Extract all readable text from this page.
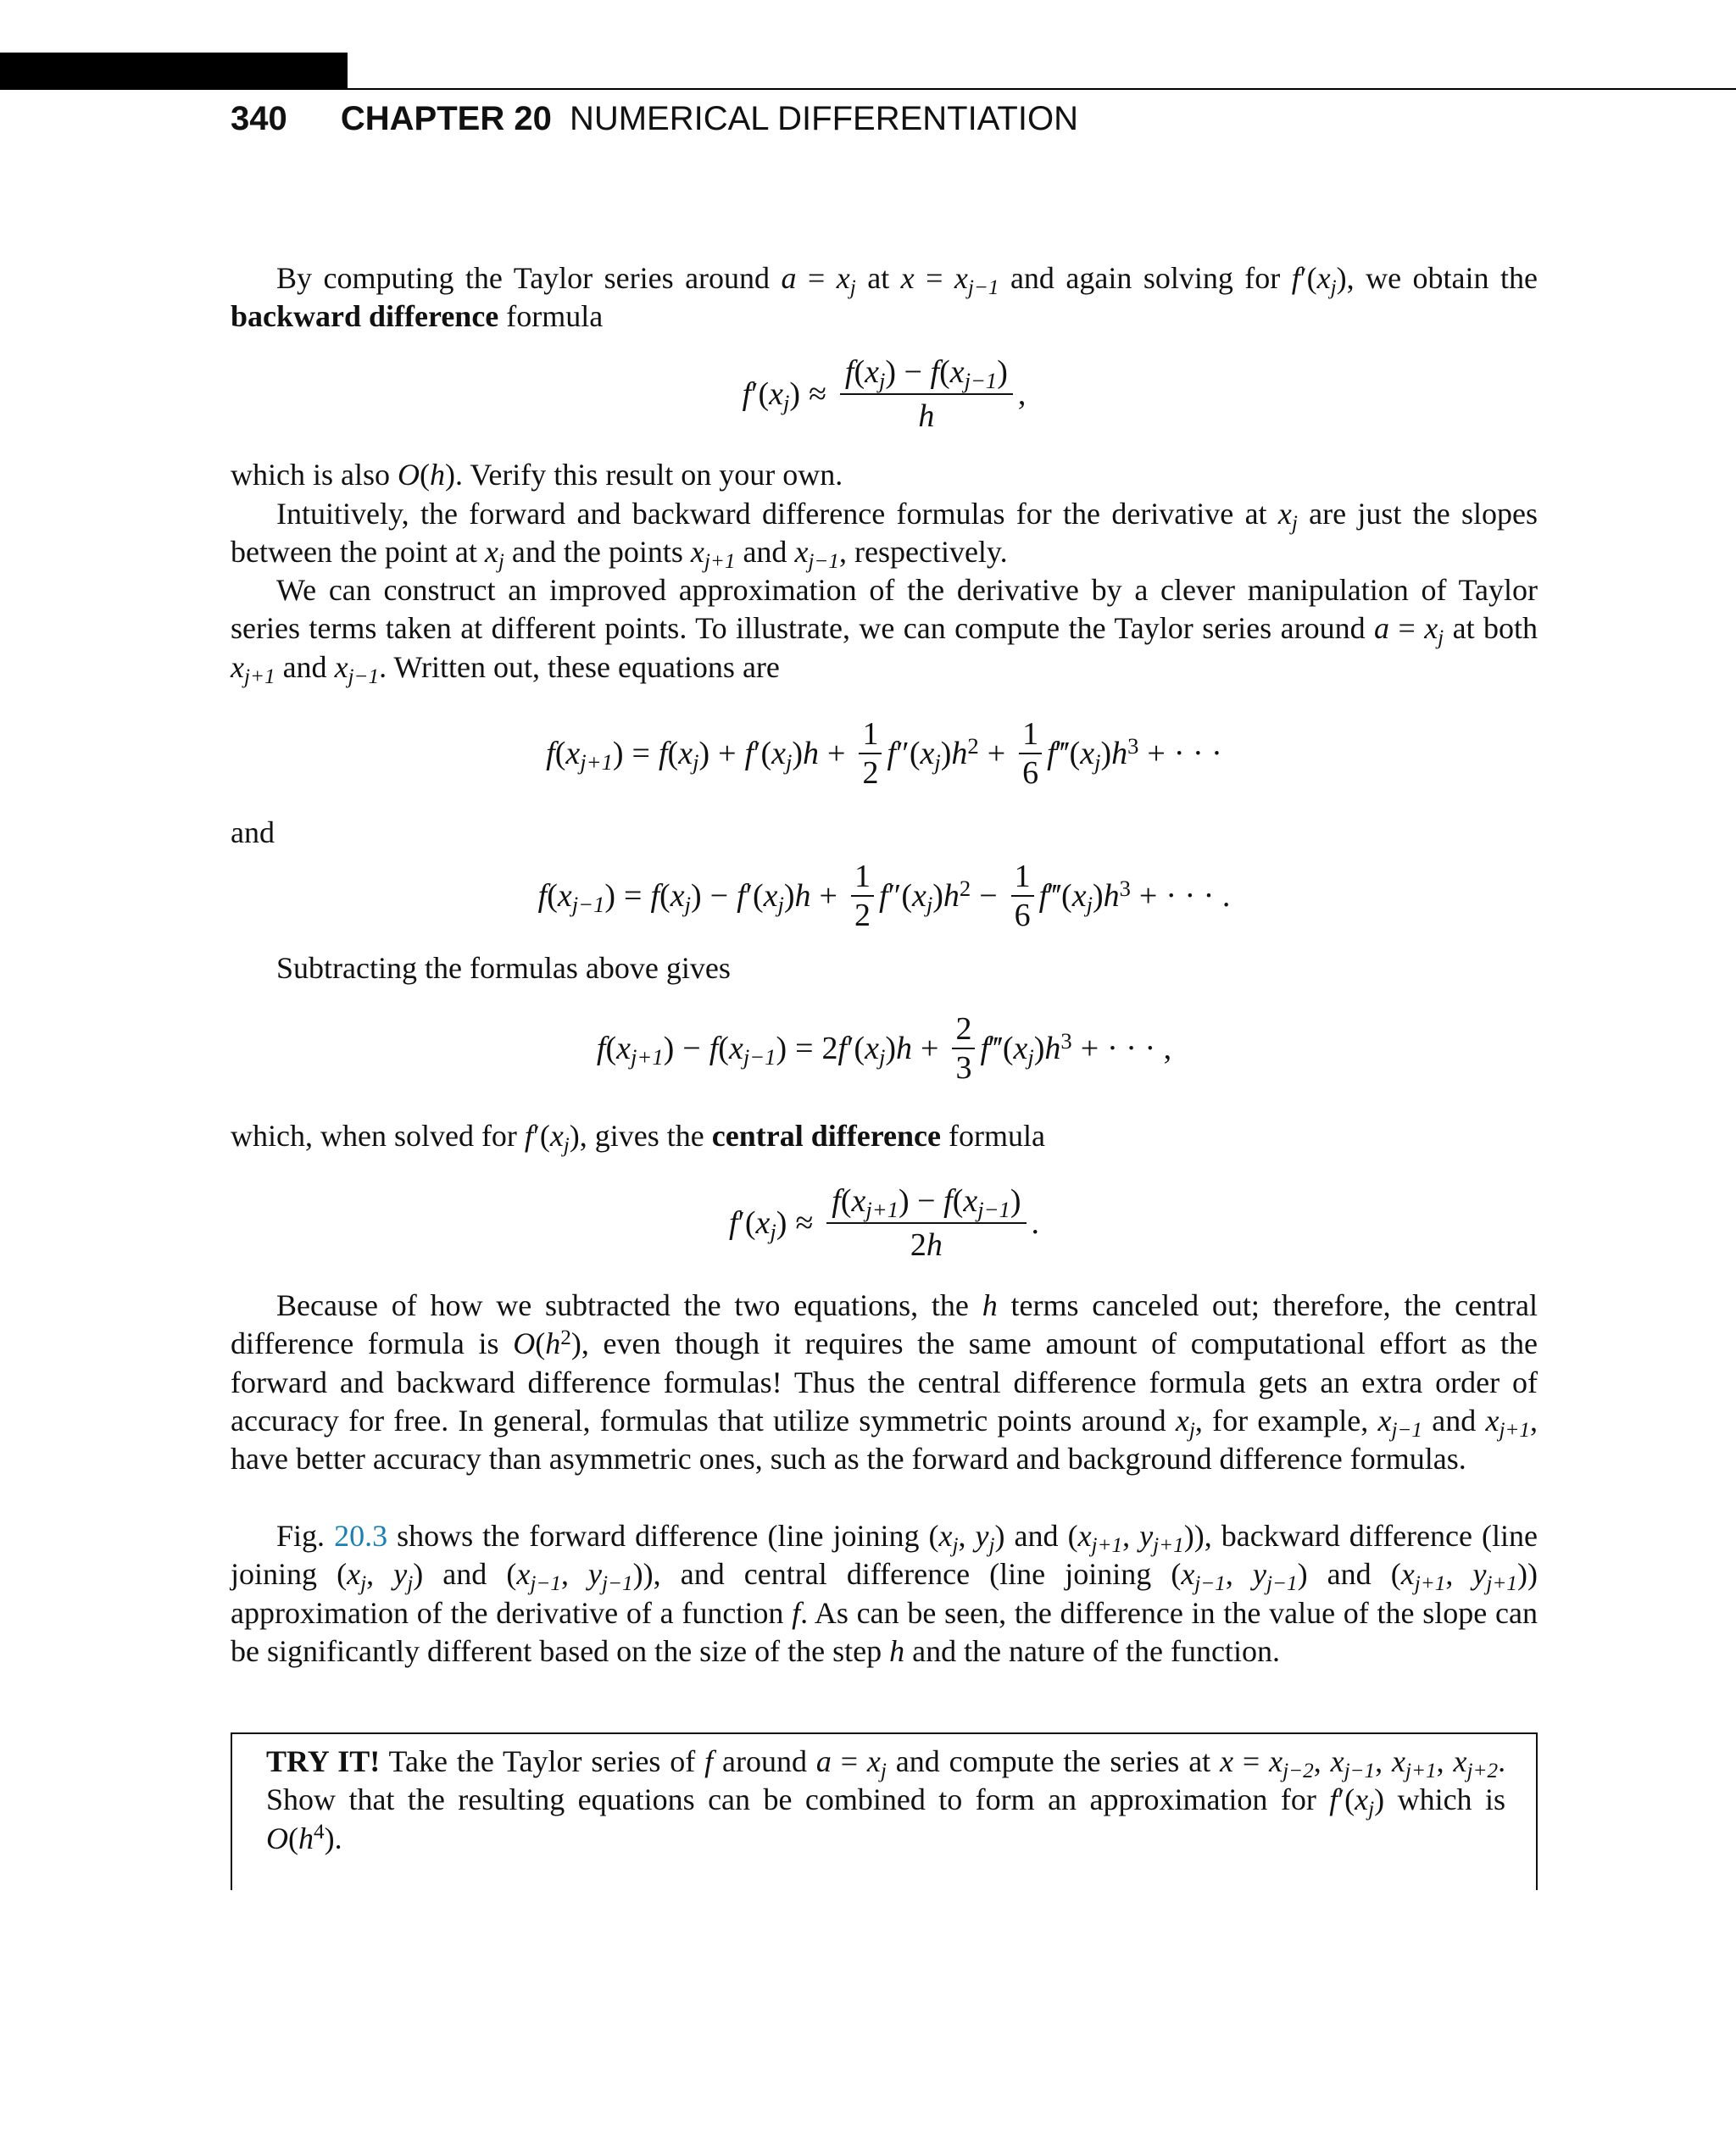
340 CHAPTER 20 NUMERICAL DIFFERENTIATION

By computing the Taylor series around $a = x_j$ at $x = x_{j-1}$ and again solving for $f'(x_j)$, we obtain the backward difference formula

f ′( $x_j$ ) ≈ $\frac{f(x_j) - f(x_{j-1})}{h}$ ,

which is also O(h). Verify this result on your own.

Intuitively, the forward and backward difference formulas for the derivative at $x_j$ are just the slopes between the point at $x_j$ and the points $x_{j+1}$ and $x_{j-1}$, respectively.

We can construct an improved approximation of the derivative by a clever manipulation of Taylor series terms taken at different points. To illustrate, we can compute the Taylor series around $a = x_j$ at both $x_{j+1}$ and $x_{j-1}$. Written out, these equations are

f ( $x_{j+1}$ ) = f ( $x_j$ ) + f ′( $x_j$ ) $h + \frac{1}{2}$ f ″( $x_j$ ) $h^2 + \frac{1}{6}$ f ‴( $x_j$ ) $h^3$ + · · ·

and

f ( $x_{j-1}$ ) = f ( $x_j$ ) − f ′( $x_j$ ) $h + \frac{1}{2}$ f ″( $x_j$ ) $h^2 - \frac{1}{6}$ f ‴( $x_j$ ) $h^3$ + · · · .

Subtracting the formulas above gives

f ( $x_{j+1}$ ) − f ( $x_{j-1}$ ) = 2 f ′( $x_j$ ) $h + \frac{2}{3}$ f ‴( $x_j$ ) $h^3$ + · · · ,

which, when solved for $f'(x_j)$, gives the central difference formula

f ′( $x_j$ ) ≈ $\frac{f(x_{j+1}) - f(x_{j-1})}{2h}$ .

Because of how we subtracted the two equations, the h terms canceled out; therefore, the central difference formula is $O(h^2)$, even though it requires the same amount of computational effort as the forward and backward difference formulas! Thus the central difference formula gets an extra order of accuracy for free. In general, formulas that utilize symmetric points around $x_j$, for example, $x_{j-1}$ and $x_{j+1}$, have better accuracy than asymmetric ones, such as the forward and background difference formulas.

Fig. 20.3 shows the forward difference (line joining ($x_j$, $y_j$) and ($x_{j+1}$, $y_{j+1}$)), backward difference (line joining ($x_j$, $y_j$) and ($x_{j-1}$, $y_{j-1}$)), and central difference (line joining ($x_{j-1}$, $y_{j-1}$) and ($x_{j+1}$, $y_{j+1}$)) approximation of the derivative of a function f. As can be seen, the difference in the value of the slope can be significantly different based on the size of the step h and the nature of the function.

TRY IT! Take the Taylor series of f around $a = x_j$ and compute the series at $x = x_{j-2}$, $x_{j-1}$, $x_{j+1}$, $x_{j+2}$. Show that the resulting equations can be combined to form an approximation for $f'(x_j)$ which is $O(h^4)$.
